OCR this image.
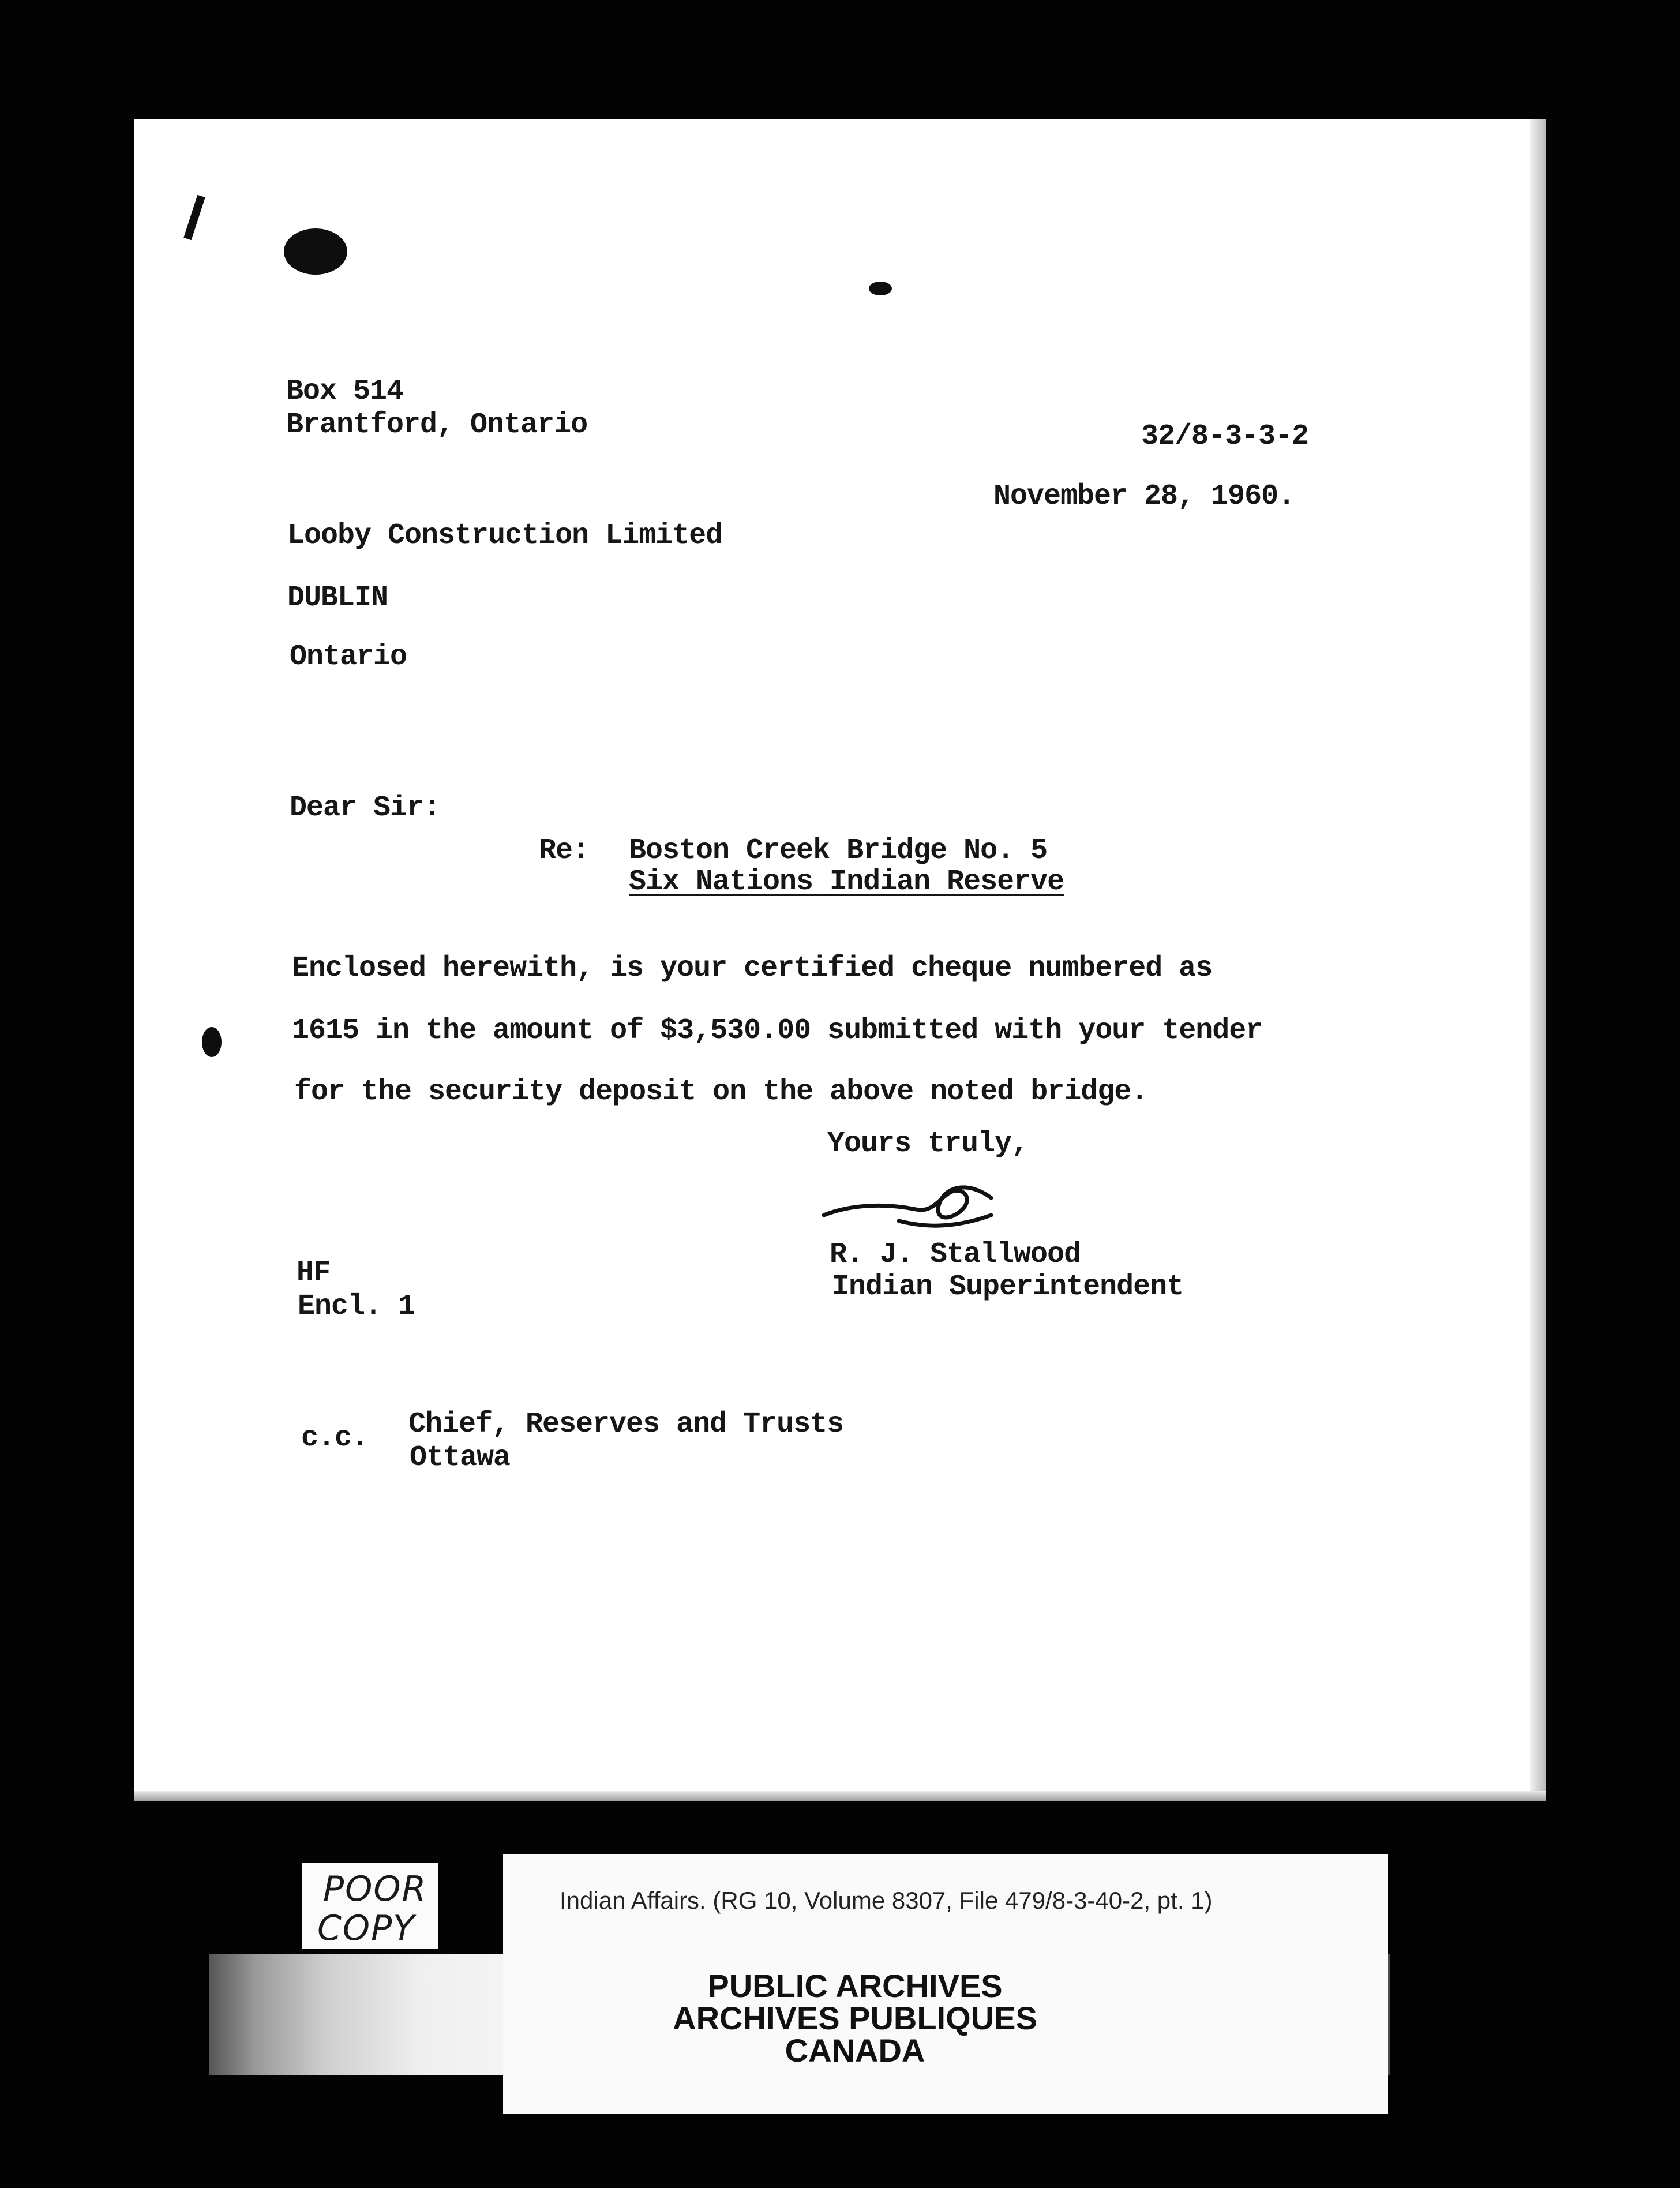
Box 514
Brantford, Ontario	32/8-3-3-2
November 28, 1960.
Looby Construction Limited
DUBLIN
Ontario
Dear Sir:
Re: Boston Creek Bridge No. 5
Six Nations Indian Reserve
Enclosed herewith, is your certified cheque numbered as
1615 in the amount of $3,530.00 submitted with your tender
for the security deposit on the above noted bridge.
Yours truly,
R. J. Stallwood
Indian Superintendent
HF
Encl. 1
c.c. Chief, Reserves and Trusts
Ottawa
Indian Affairs. (RG 10, Volume 8307, File 479/8-3-40-2, pt. 1)
PUBLIC ARCHIVES
ARCHIVES PUBLIQUES
CANADA
POOR
COPY
